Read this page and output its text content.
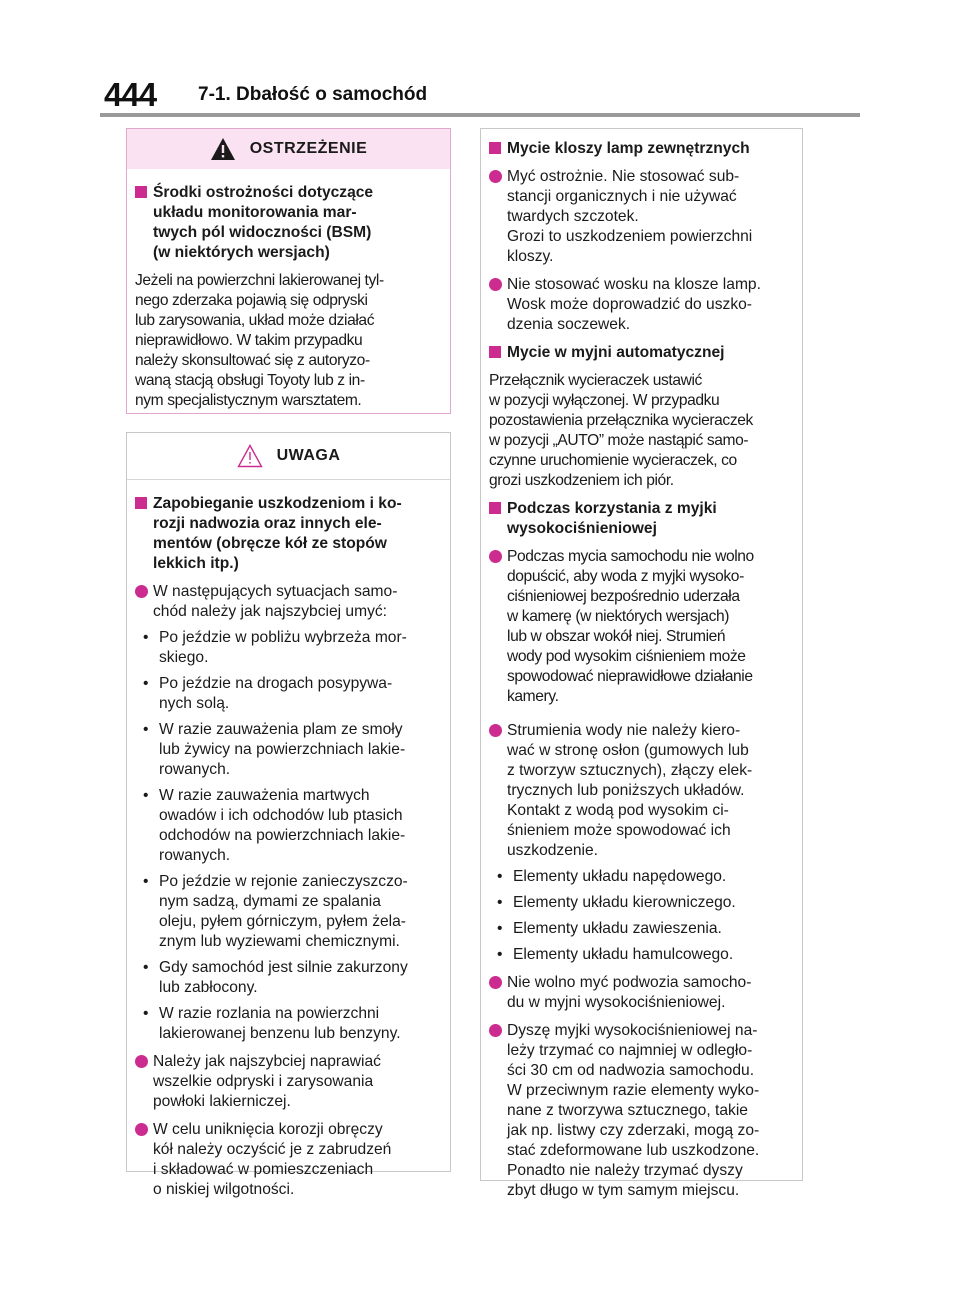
444 7-1. Dbałość o samochód
OSTRZEŻENIE
Środki ostrożności dotyczące
układu monitorowania mar-
twych pól widoczności (BSM)
(w niektórych wersjach)
Jeżeli na powierzchni lakierowanej tyl-
nego zderzaka pojawią się odpryski
lub zarysowania, układ może działać
nieprawidłowo. W takim przypadku
należy skonsultować się z autoryzo-
waną stacją obsługi Toyoty lub z in-
nym specjalistycznym warsztatem.
UWAGA
Zapobieganie uszkodzeniom i ko-
rozji nadwozia oraz innych ele-
mentów (obręcze kół ze stopów
lekkich itp.)
W następujących sytuacjach samo-
chód należy jak najszybciej umyć:
• Po jeździe w pobliżu wybrzeża mor-
skiego.
• Po jeździe na drogach posypywa-
nych solą.
• W razie zauważenia plam ze smoły
lub żywicy na powierzchniach lakie-
rowanych.
• W razie zauważenia martwych
owadów i ich odchodów lub ptasich
odchodów na powierzchniach lakie-
rowanych.
• Po jeździe w rejonie zanieczyszczo-
nym sadzą, dymami ze spalania
oleju, pyłem górniczym, pyłem żela-
znym lub wyziewami chemicznymi.
• Gdy samochód jest silnie zakurzony
lub zabłocony.
• W razie rozlania na powierzchni
lakierowanej benzenu lub benzyny.
Należy jak najszybciej naprawiać
wszelkie odpryski i zarysowania
powłoki lakierniczej.
W celu uniknięcia korozji obręczy
kół należy oczyścić je z zabrudzeń
i składować w pomieszczeniach
o niskiej wilgotności.
Mycie kloszy lamp zewnętrznych
Myć ostrożnie. Nie stosować sub-
stancji organicznych i nie używać
twardych szczotek.
Grozi to uszkodzeniem powierzchni
kloszy.
Nie stosować wosku na klosze lamp.
Wosk może doprowadzić do uszko-
dzenia soczewek.
Mycie w myjni automatycznej
Przełącznik wycieraczek ustawić
w pozycji wyłączonej. W przypadku
pozostawienia przełącznika wycieraczek
w pozycji „AUTO” może nastąpić samo-
czynne uruchomienie wycieraczek, co
grozi uszkodzeniem ich piór.
Podczas korzystania z myjki
wysokociśnieniowej
Podczas mycia samochodu nie wolno
dopuścić, aby woda z myjki wysoko-
ciśnieniowej bezpośrednio uderzała
w kamerę (w niektórych wersjach)
lub w obszar wokół niej. Strumień
wody pod wysokim ciśnieniem może
spowodować nieprawidłowe działanie
kamery.
Strumienia wody nie należy kiero-
wać w stronę osłon (gumowych lub
z tworzyw sztucznych), złączy elek-
trycznych lub poniższych układów.
Kontakt z wodą pod wysokim ci-
śnieniem może spowodować ich
uszkodzenie.
• Elementy układu napędowego.
• Elementy układu kierowniczego.
• Elementy układu zawieszenia.
• Elementy układu hamulcowego.
Nie wolno myć podwozia samocho-
du w myjni wysokociśnieniowej.
Dyszę myjki wysokociśnieniowej na-
leży trzymać co najmniej w odległo-
ści 30 cm od nadwozia samochodu.
W przeciwnym razie elementy wyko-
nane z tworzywa sztucznego, takie
jak np. listwy czy zderzaki, mogą zo-
stać zdeformowane lub uszkodzone.
Ponadto nie należy trzymać dyszy
zbyt długo w tym samym miejscu.
